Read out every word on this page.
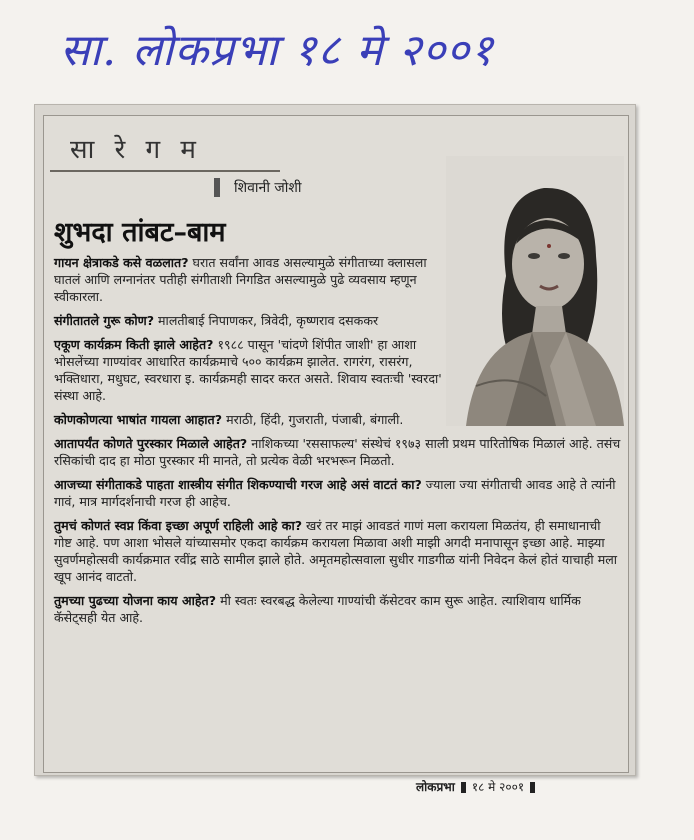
सा. लोकप्रभा १८ मे २००१
सा रे ग म
शिवानी जोशी
शुभदा तांबट–बाम

गायन क्षेत्राकडे कसे वळलात? घरात सर्वांना आवड असल्यामुळे संगीताच्या क्लासला घातलं आणि लग्नानंतर पतीही संगीताशी निगडित असल्यामुळे पुढे व्यवसाय म्हणून स्वीकारला.

संगीतातले गुरू कोण? मालतीबाई निपाणकर, त्रिवेदी, कृष्णराव दसककर

एकूण कार्यक्रम किती झाले आहेत? १९८८ पासून 'चांदणे शिंपीत जाशी' हा आशा भोसलेंच्या गाण्यांवर आधारित कार्यक्रमाचे ५०० कार्यक्रम झालेत. रागरंग, रासरंग, भक्तिधारा, मधुघट, स्वरधारा इ. कार्यक्रमही सादर करत असते. शिवाय स्वतःची 'स्वरदा' संस्था आहे.

कोणकोणत्या भाषांत गायला आहात? मराठी, हिंदी, गुजराती, पंजाबी, बंगाली.

आतापर्यंत कोणते पुरस्कार मिळाले आहेत? नाशिकच्या 'रससाफल्य' संस्थेचं १९७३ साली प्रथम पारितोषिक मिळालं आहे. तसंच रसिकांची दाद हा मोठा पुरस्कार मी मानते, तो प्रत्येक वेळी भरभरून मिळतो.

आजच्या संगीताकडे पाहता शास्त्रीय संगीत शिकण्याची गरज आहे असं वाटतं का? ज्याला ज्या संगीताची आवड आहे ते त्यांनी गावं, मात्र मार्गदर्शनाची गरज ही आहेच.

तुमचं कोणतं स्वप्न किंवा इच्छा अपूर्ण राहिली आहे का? खरं तर माझं आवडतं गाणं मला करायला मिळतंय, ही समाधानाची गोष्ट आहे. पण आशा भोसले यांच्यासमोर एकदा कार्यक्रम करायला मिळावा अशी माझी अगदी मनापासून इच्छा आहे. माझ्या सुवर्णमहोत्सवी कार्यक्रमात रवींद्र साठे सामील झाले होते. अमृतमहोत्सवाला सुधीर गाडगीळ यांनी निवेदन केलं होतं याचाही मला खूप आनंद वाटतो.

तुमच्या पुढच्या योजना काय आहेत? मी स्वतः स्वरबद्ध केलेल्या गाण्यांची कॅसेटवर काम सुरू आहेत. त्याशिवाय धार्मिक कॅसेट्सही येत आहे.

लोकप्रभा १८ मे २००१
